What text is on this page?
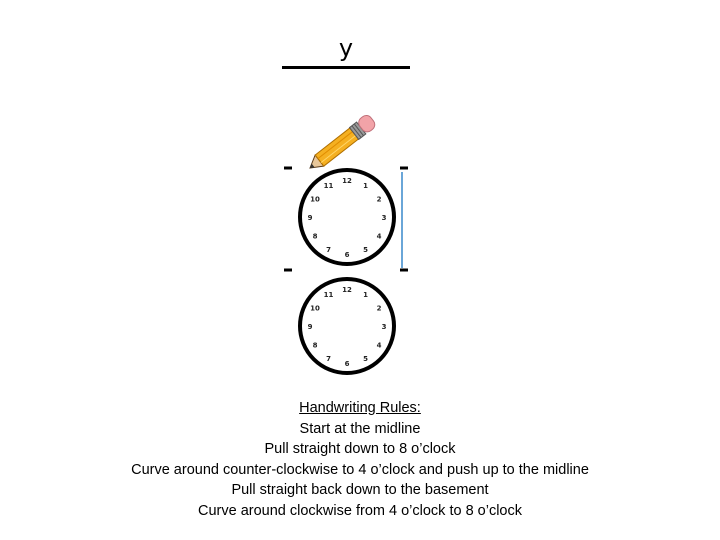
y
12
1
2
3
4
5
6
7
8
9
10
11
12
1
2
3
4
5
6
7
8
9
10
11
Handwriting Rules:
Start at the midline
Pull straight down to 8 o’clock
Curve around counter-clockwise to 4 o’clock and push up to the midline
Pull straight back down to the basement
Curve around clockwise from 4 o’clock to 8 o’clock
